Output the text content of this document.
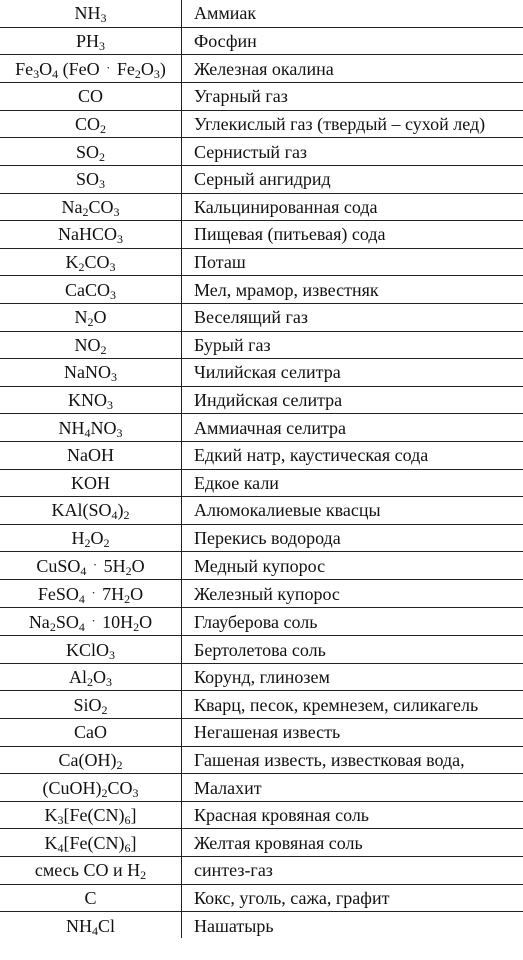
$NH_3$	Аммиак
$PH_3$	Фосфин
$Fe_3O_4$ $(FeO \cdot Fe_2O_3)$	Железная окалина
CO	Угарный газ
$CO_2$	Углекислый газ (твердый – сухой лед)
$SO_2$	Сернистый газ
$SO_3$	Серный ангидрид
$Na_2CO_3$	Кальцинированная сода
NaHCO$_3$	Пищевая (питьевая) сода
$K_2CO_3$	Поташ
CaCO$_3$	Мел, мрамор, известняк
$N_2O$	Веселящий газ
$NO_2$	Бурый газ
NaNO$_3$	Чилийская селитра
$KNO_3$	Индийская селитра
$NH_4NO_3$	Аммиачная селитра
NaOH	Едкий натр, каустическая сода
KOH	Едкое кали
$KAl(SO_4)_2$	Алюмокалиевые квасцы
$H_2O_2$	Перекись водорода
CuSO$_4$ · $5H_2O$	Медный купорос
FeSO$_4$ · $7H_2O$	Железный купорос
$Na_2SO_4 \cdot 10H_2O$	Глауберова соль
KClO$_3$	Бертолетова соль
$Al_2O_3$	Корунд, глинозем
SiO$_2$	Кварц, песок, кремнезем, силикагель
CaO	Негашеная известь
$Ca(OH)_2$	Гашеная известь, известковая вода,
$(CuOH)_2CO_3$	Малахит
$K_3[Fe(CN)_6]$	Красная кровяная соль
$K_4[Fe(CN)_6]$	Желтая кровяная соль
смесь CO и $H_2$	синтез-газ
C	Кокс, уголь, сажа, графит
$NH_4Cl$	Нашатырь
